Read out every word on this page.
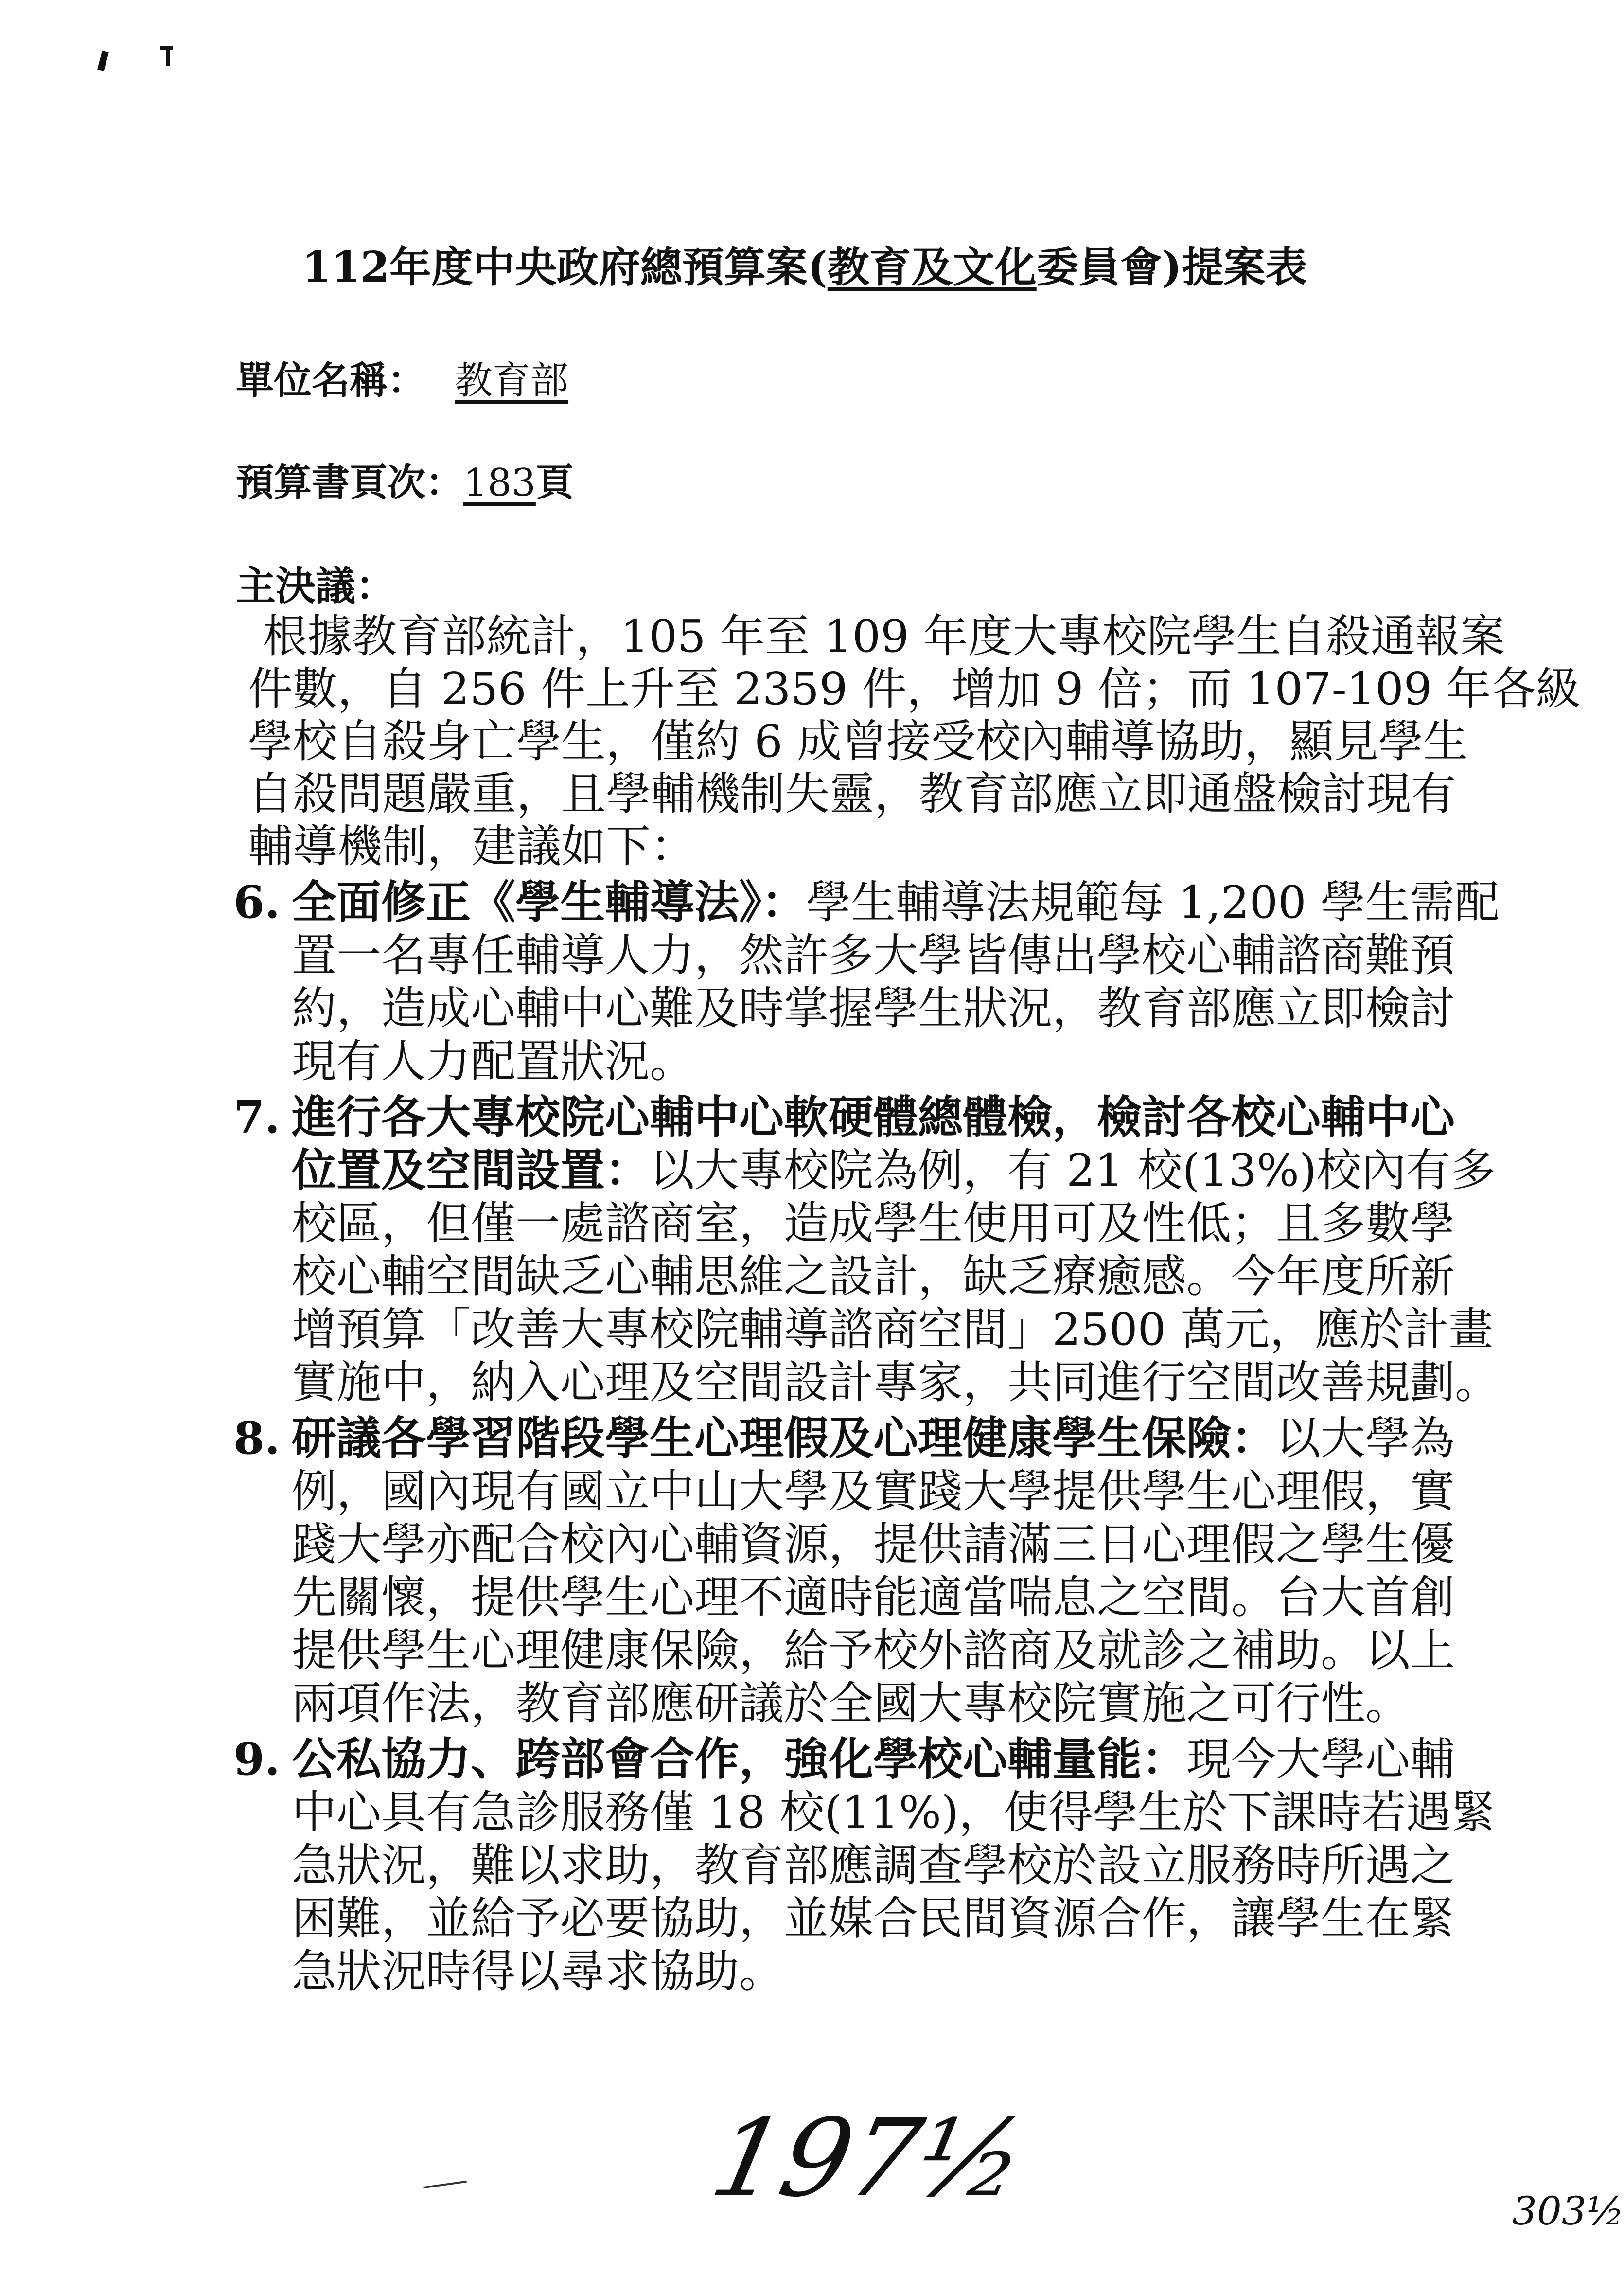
112年度中央政府總預算案(教育及文化委員會)提案表
單位名稱： 教育部
預算書頁次：183頁
主決議：
根據教育部統計，105 年至 109 年度大專校院學生自殺通報案
件數，自 256 件上升至 2359 件，增加 9 倍；而 107-109 年各級
學校自殺身亡學生，僅約 6 成曾接受校內輔導協助，顯見學生
自殺問題嚴重，且學輔機制失靈，教育部應立即通盤檢討現有
輔導機制，建議如下：
6. 全面修正《學生輔導法》：學生輔導法規範每 1,200 學生需配
置一名專任輔導人力，然許多大學皆傳出學校心輔諮商難預
約，造成心輔中心難及時掌握學生狀況，教育部應立即檢討
現有人力配置狀況。
7. 進行各大專校院心輔中心軟硬體總體檢，檢討各校心輔中心
位置及空間設置：以大專校院為例，有 21 校(13%)校內有多
校區，但僅一處諮商室，造成學生使用可及性低；且多數學
校心輔空間缺乏心輔思維之設計，缺乏療癒感。今年度所新
增預算「改善大專校院輔導諮商空間」2500 萬元，應於計畫
實施中，納入心理及空間設計專家，共同進行空間改善規劃。
8. 研議各學習階段學生心理假及心理健康學生保險：以大學為
例，國內現有國立中山大學及實踐大學提供學生心理假，實
踐大學亦配合校內心輔資源，提供請滿三日心理假之學生優
先關懷，提供學生心理不適時能適當喘息之空間。台大首創
提供學生心理健康保險，給予校外諮商及就診之補助。以上
兩項作法，教育部應研議於全國大專校院實施之可行性。
9. 公私協力、跨部會合作，強化學校心輔量能：現今大學心輔
中心具有急診服務僅 18 校(11%)，使得學生於下課時若遇緊
急狀況，難以求助，教育部應調查學校於設立服務時所遇之
困難，並給予必要協助，並媒合民間資源合作，讓學生在緊
急狀況時得以尋求協助。
197½	303½
